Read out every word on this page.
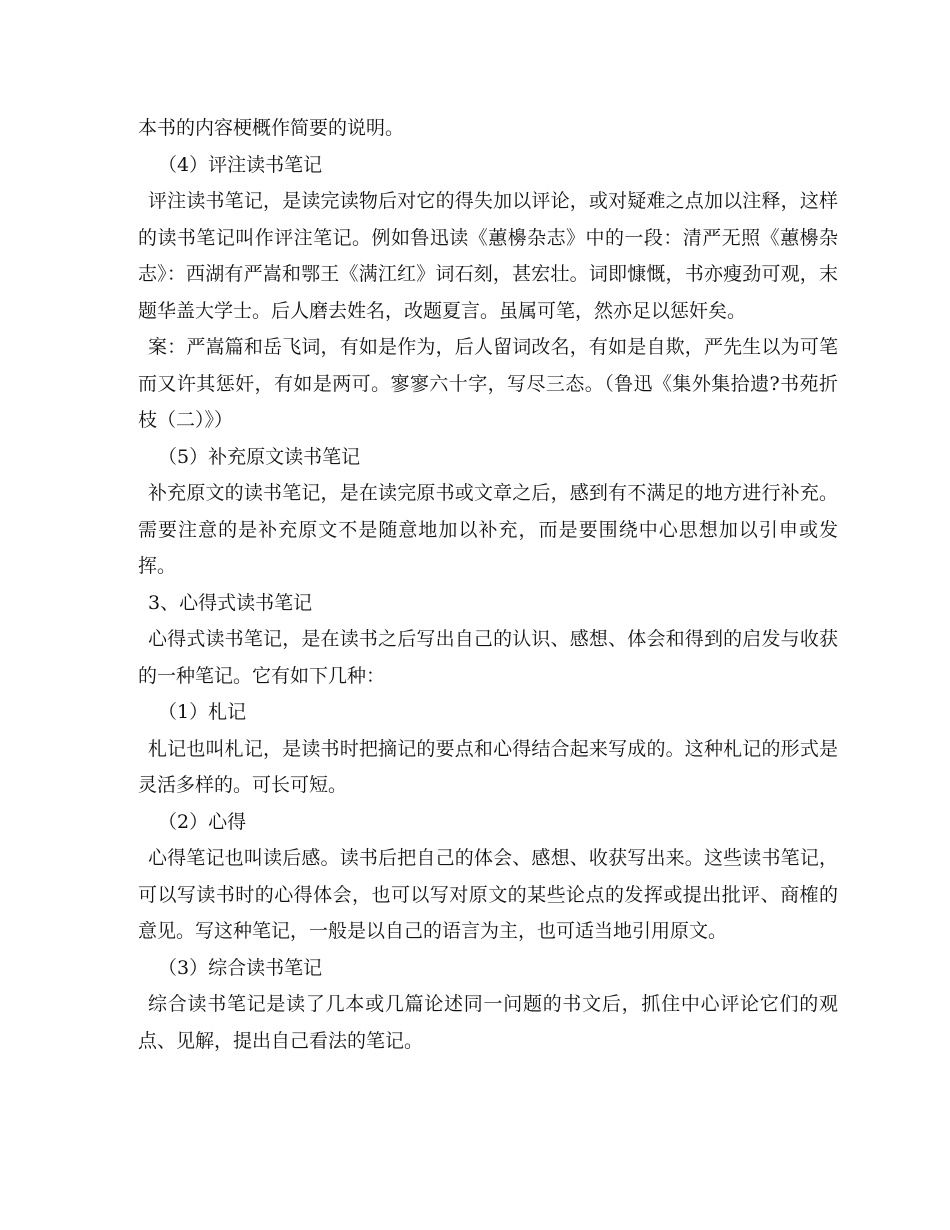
本书的内容梗概作简要的说明。

（4）评注读书笔记

评注读书笔记，是读完读物后对它的得失加以评论，或对疑难之点加以注释，这样的读书笔记叫作评注笔记。例如鲁迅读《蕙櫋杂志》中的一段：清严无照《蕙櫋杂志》：西湖有严嵩和鄂王《满江红》词石刻，甚宏壮。词即慷慨，书亦瘦劲可观，末题华盖大学士。后人磨去姓名，改题夏言。虽属可笔，然亦足以惩奸矣。

案：严嵩篇和岳飞词，有如是作为，后人留词改名，有如是自欺，严先生以为可笔而又许其惩奸，有如是两可。寥寥六十字，写尽三态。（鲁迅《集外集拾遗?书苑折枝（二）》）

（5）补充原文读书笔记

补充原文的读书笔记，是在读完原书或文章之后，感到有不满足的地方进行补充。需要注意的是补充原文不是随意地加以补充，而是要围绕中心思想加以引申或发挥。

3、心得式读书笔记

心得式读书笔记，是在读书之后写出自己的认识、感想、体会和得到的启发与收获的一种笔记。它有如下几种：

（1）札记

札记也叫札记，是读书时把摘记的要点和心得结合起来写成的。这种札记的形式是灵活多样的。可长可短。

（2）心得

心得笔记也叫读后感。读书后把自己的体会、感想、收获写出来。这些读书笔记，可以写读书时的心得体会，也可以写对原文的某些论点的发挥或提出批评、商榷的意见。写这种笔记，一般是以自己的语言为主，也可适当地引用原文。

（3）综合读书笔记

综合读书笔记是读了几本或几篇论述同一问题的书文后，抓住中心评论它们的观点、见解，提出自己看法的笔记。
